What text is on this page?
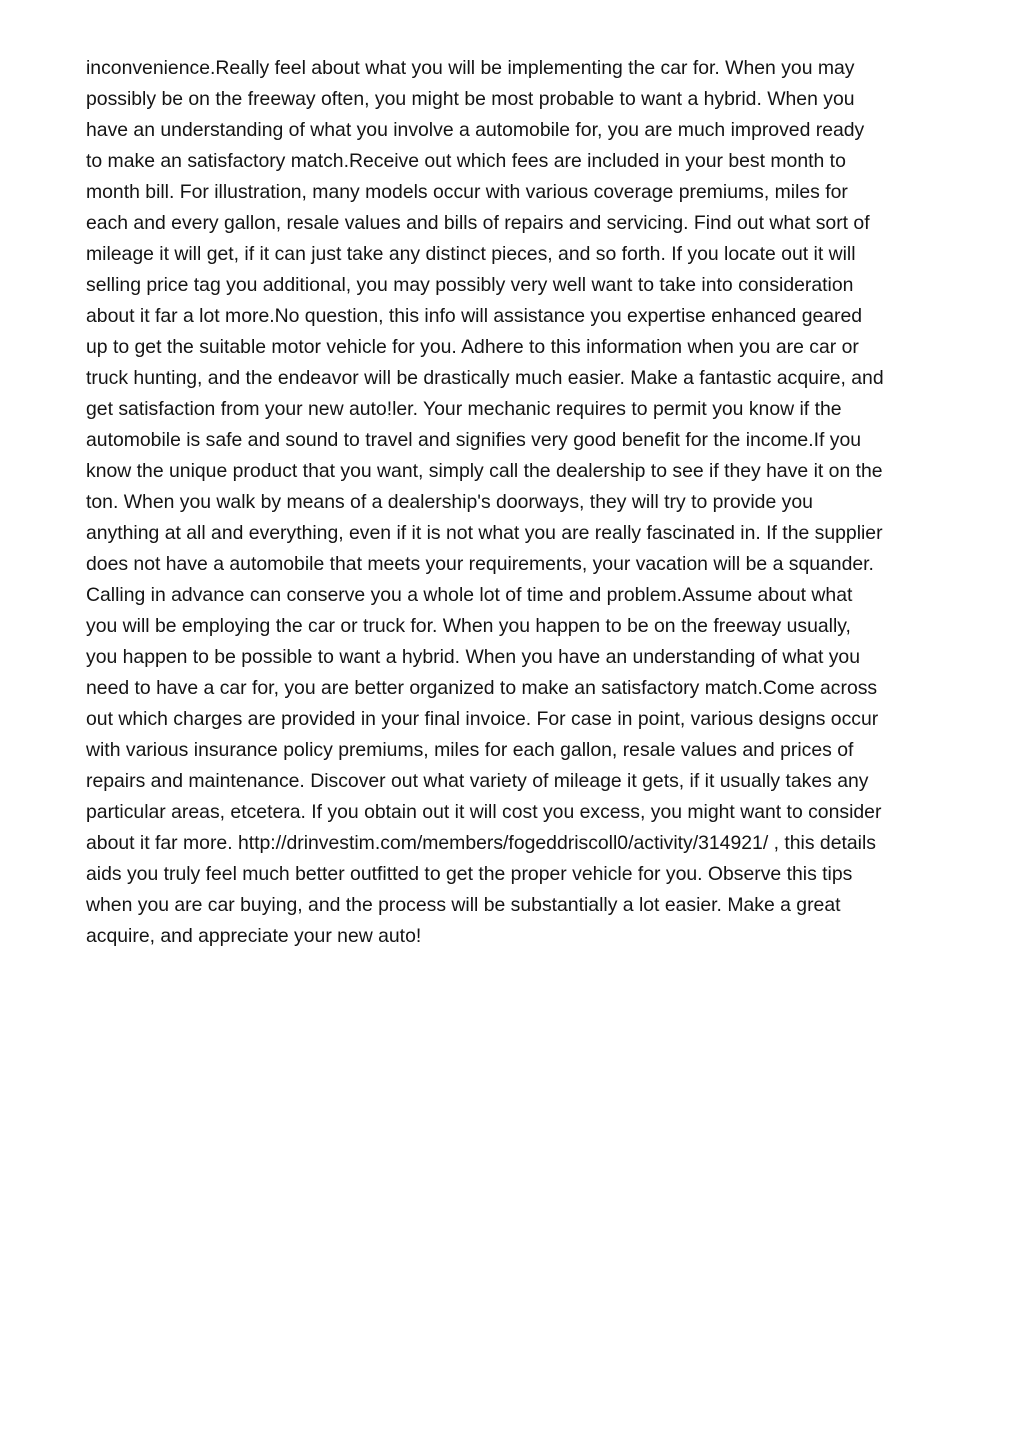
inconvenience.Really feel about what you will be implementing the car for. When you may
possibly be on the freeway often, you might be most probable to want a hybrid. When you
have an understanding of what you involve a automobile for, you are much improved ready
to make an satisfactory match.Receive out which fees are included in your best month to
month bill. For illustration, many models occur with various coverage premiums, miles for
each and every gallon, resale values and bills of repairs and servicing. Find out what sort of
mileage it will get, if it can just take any distinct pieces, and so forth. If you locate out it will
selling price tag you additional, you may possibly very well want to take into consideration
about it far a lot more.No question, this info will assistance you expertise enhanced geared
up to get the suitable motor vehicle for you. Adhere to this information when you are car or
truck hunting, and the endeavor will be drastically much easier. Make a fantastic acquire, and
get satisfaction from your new auto!ler. Your mechanic requires to permit you know if the
automobile is safe and sound to travel and signifies very good benefit for the income.If you
know the unique product that you want, simply call the dealership to see if they have it on the
ton. When you walk by means of a dealership's doorways, they will try to provide you
anything at all and everything, even if it is not what you are really fascinated in. If the supplier
does not have a automobile that meets your requirements, your vacation will be a squander.
Calling in advance can conserve you a whole lot of time and problem.Assume about what
you will be employing the car or truck for. When you happen to be on the freeway usually,
you happen to be possible to want a hybrid. When you have an understanding of what you
need to have a car for, you are better organized to make an satisfactory match.Come across
out which charges are provided in your final invoice. For case in point, various designs occur
with various insurance policy premiums, miles for each gallon, resale values and prices of
repairs and maintenance. Discover out what variety of mileage it gets, if it usually takes any
particular areas, etcetera. If you obtain out it will cost you excess, you might want to consider
about it far more. http://drinvestim.com/members/fogeddriscoll0/activity/314921/ , this details
aids you truly feel much better outfitted to get the proper vehicle for you. Observe this tips
when you are car buying, and the process will be substantially a lot easier. Make a great
acquire, and appreciate your new auto!
